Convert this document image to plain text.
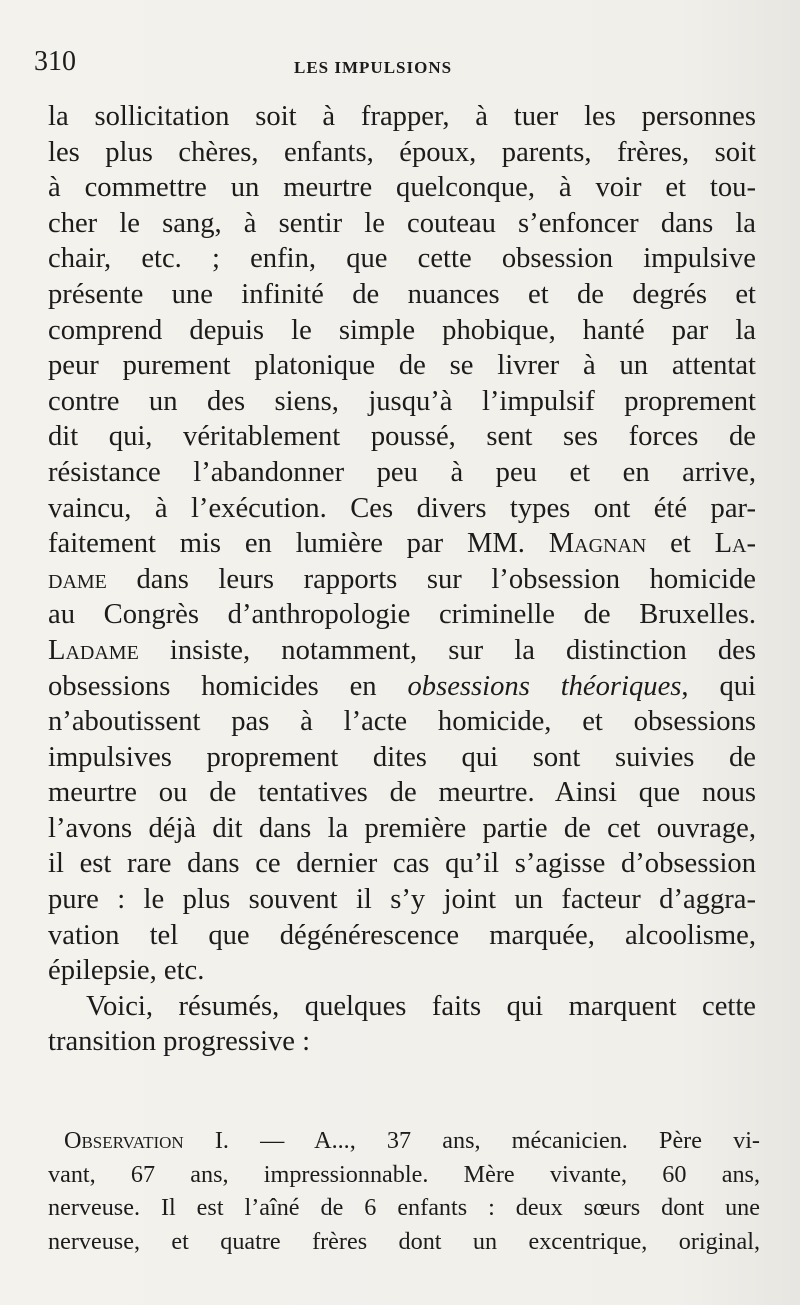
310	LES IMPULSIONS
la sollicitation soit à frapper, à tuer les personnes
les plus chères, enfants, époux, parents, frères, soit
à commettre un meurtre quelconque, à voir et tou-
cher le sang, à sentir le couteau s’enfoncer dans la
chair, etc. ; enfin, que cette obsession impulsive
présente une infinité de nuances et de degrés et
comprend depuis le simple phobique, hanté par la
peur purement platonique de se livrer à un attentat
contre un des siens, jusqu’à l’impulsif proprement
dit qui, véritablement poussé, sent ses forces de
résistance l’abandonner peu à peu et en arrive,
vaincu, à l’exécution. Ces divers types ont été par-
faitement mis en lumière par MM. Magnan et La-
dame dans leurs rapports sur l’obsession homicide
au Congrès d’anthropologie criminelle de Bruxelles.
Ladame insiste, notamment, sur la distinction des
obsessions homicides en obsessions théoriques, qui
n’aboutissent pas à l’acte homicide, et obsessions
impulsives proprement dites qui sont suivies de
meurtre ou de tentatives de meurtre. Ainsi que nous
l’avons déjà dit dans la première partie de cet ouvrage,
il est rare dans ce dernier cas qu’il s’agisse d’obsession
pure : le plus souvent il s’y joint un facteur d’aggra-
vation tel que dégénérescence marquée, alcoolisme,
épilepsie, etc.
Voici, résumés, quelques faits qui marquent cette
transition progressive :
Observation I. — A..., 37 ans, mécanicien. Père vi-
vant, 67 ans, impressionnable. Mère vivante, 60 ans,
nerveuse. Il est l’aîné de 6 enfants : deux sœurs dont une
nerveuse, et quatre frères dont un excentrique, original,
